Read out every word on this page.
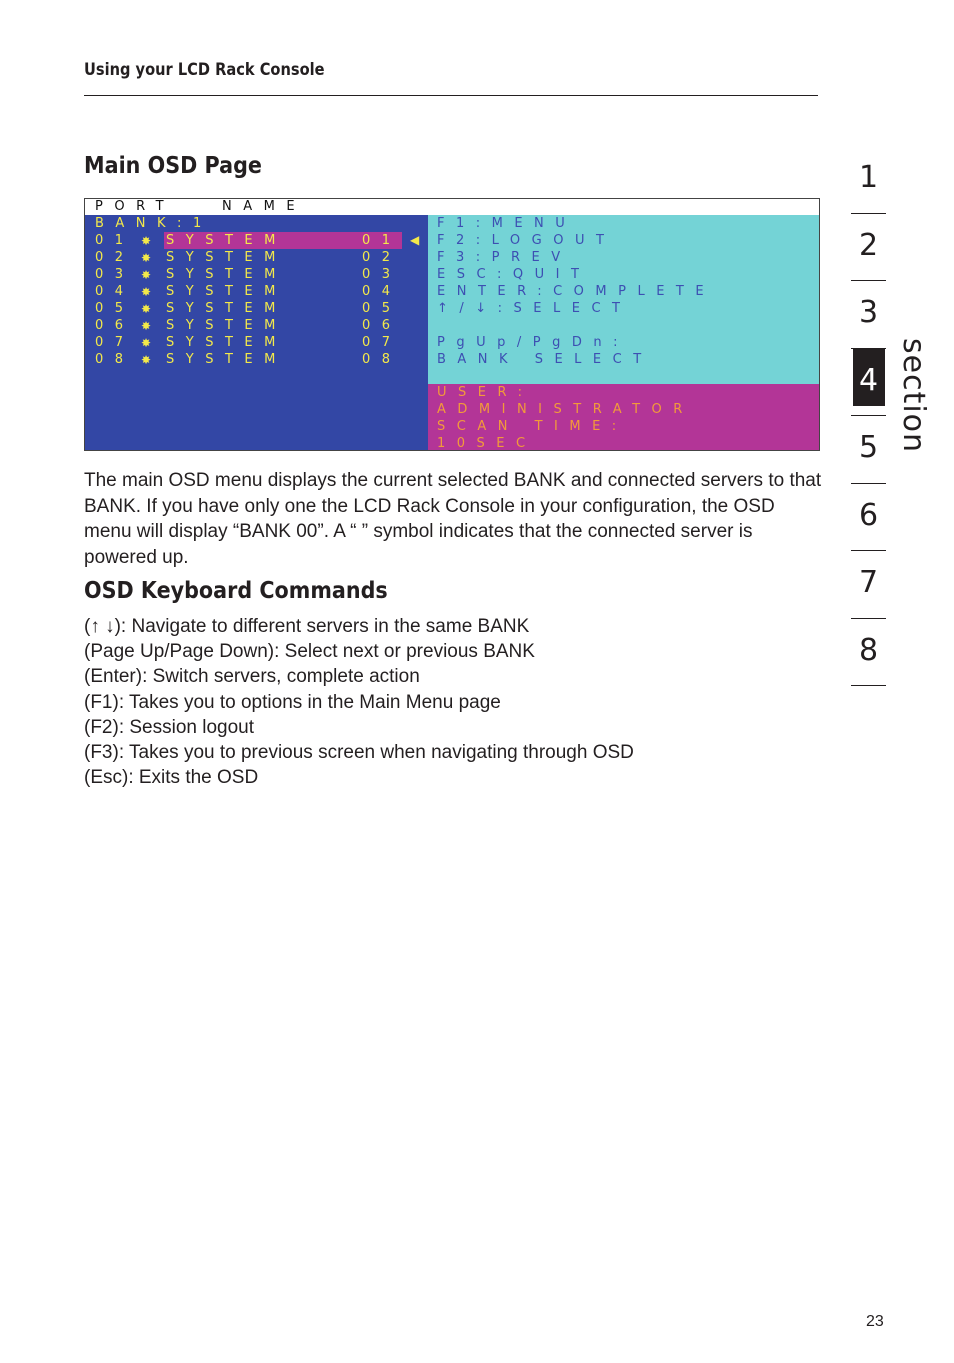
Using your LCD Rack Console
Main OSD Page
PORT   NAME
BANK:1
01 ✸ SYSTEM	01
02 ✸ SYSTEM	02
03 ✸ SYSTEM	03
04 ✸ SYSTEM	04
05 ✸ SYSTEM	05
06 ✸ SYSTEM	06
07 ✸ SYSTEM	07
08 ✸ SYSTEM	08
◀
F1:MENU
F2:LOGOUT
F3:PREV
ESC:QUIT
ENTER:COMPLETE
↑/↓:SELECT
PgUp/PgDn:
BANK SELECT
USER:
ADMINISTRATOR
SCAN TIME:
10SEC

The main OSD menu displays the current selected BANK and connected servers to that BANK. If you have only one the LCD Rack Console in your configuration, the OSD menu will display “BANK 00”. A “ ” symbol indicates that the connected server is powered up.

OSD Keyboard Commands
(↑ ↓): Navigate to different servers in the same BANK
(Page Up/Page Down): Select next or previous BANK
(Enter): Switch servers, complete action
(F1): Takes you to options in the Main Menu page
(F2): Session logout
(F3): Takes you to previous screen when navigating through OSD
(Esc): Exits the OSD
1
2
3
4
5
6
7
8
section
23
